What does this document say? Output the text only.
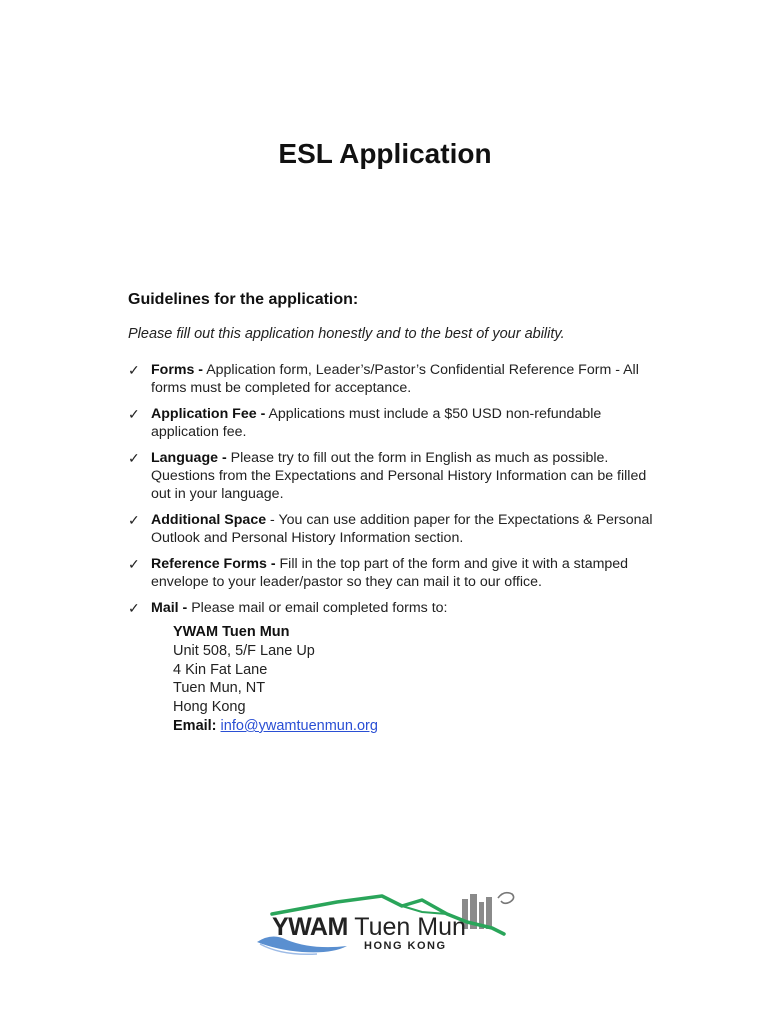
ESL Application
Guidelines for the application:
Please fill out this application honestly and to the best of your ability.
✓ Forms - Application form, Leader’s/Pastor’s Confidential Reference Form - All forms must be completed for acceptance.
✓ Application Fee - Applications must include a $50 USD non-refundable application fee.
✓ Language - Please try to fill out the form in English as much as possible. Questions from the Expectations and Personal History Information can be filled out in your language.
✓ Additional Space - You can use addition paper for the Expectations & Personal Outlook and Personal History Information section.
✓ Reference Forms - Fill in the top part of the form and give it with a stamped envelope to your leader/pastor so they can mail it to our office.
✓ Mail - Please mail or email completed forms to:
YWAM Tuen Mun
Unit 508, 5/F Lane Up
4 Kin Fat Lane
Tuen Mun, NT
Hong Kong
Email: info@ywamtuenmun.org
YWAM Tuen Mun
HONG KONG
